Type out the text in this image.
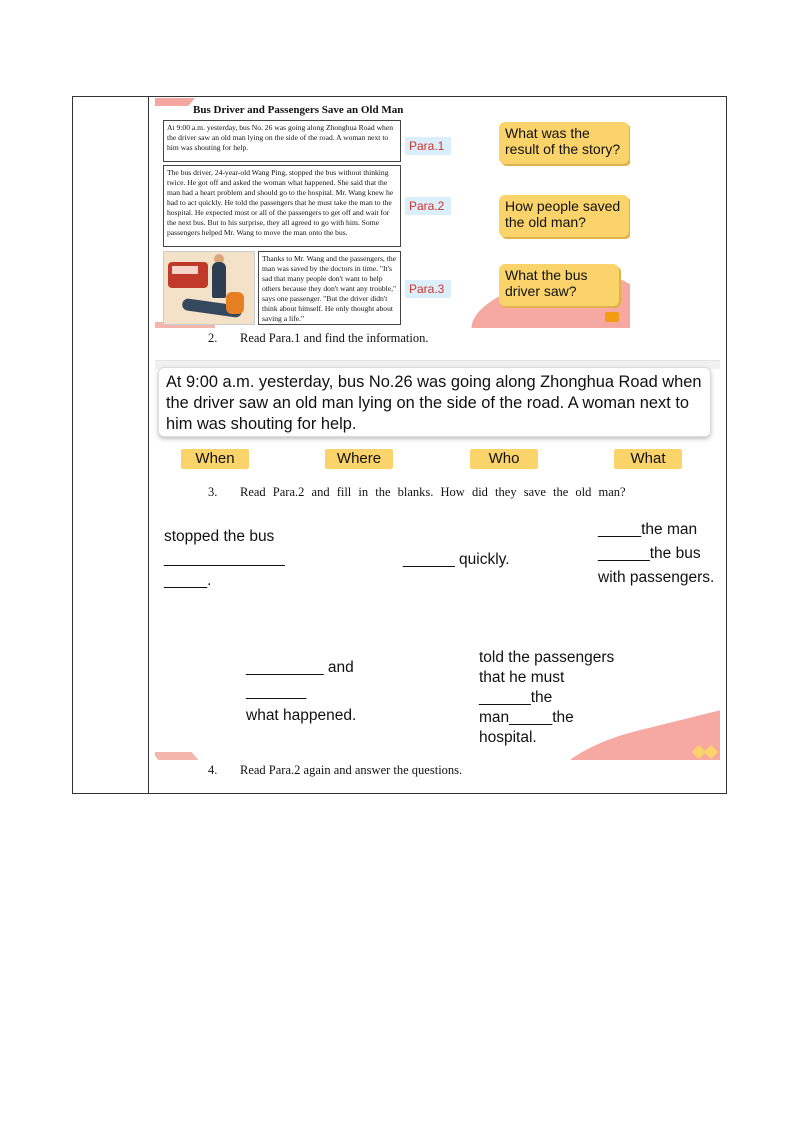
Bus Driver and Passengers Save an Old Man
At 9:00 a.m. yesterday, bus No. 26 was going along Zhonghua Road when the driver saw an old man lying on the side of the road. A woman next to him was shouting for help.
The bus driver, 24-year-old Wang Ping, stopped the bus without thinking twice. He got off and asked the woman what happened. She said that the man had a heart problem and should go to the hospital. Mr. Wang knew he had to act quickly. He told the passengers that he must take the man to the hospital. He expected most or all of the passengers to get off and wait for the next bus. But to his surprise, they all agreed to go with him. Some passengers helped Mr. Wang to move the man onto the bus.
Thanks to Mr. Wang and the passengers, the man was saved by the doctors in time. "It's sad that many people don't want to help others because they don't want any trouble," says one passenger. "But the driver didn't think about himself. He only thought about saving a life."
Para.1
Para.2
Para.3
What was the result of the story?
How people saved the old man?
What the bus driver saw?
2. Read Para.1 and find the information.
At 9:00 a.m. yesterday, bus No.26 was going along Zhonghua Road when the driver saw an old man lying on the side of the road. A woman next to him was shouting for help.
When	Where	Who	What
3. Read Para.2 and fill in the blanks. How did they save the old man?
stopped the bus
______________
_____.
______ quickly.
_____the man
______the bus
with passengers.
_________ and
_______
what happened.
told the passengers
that he must
______the
man_____the
hospital.
4. Read Para.2 again and answer the questions.
